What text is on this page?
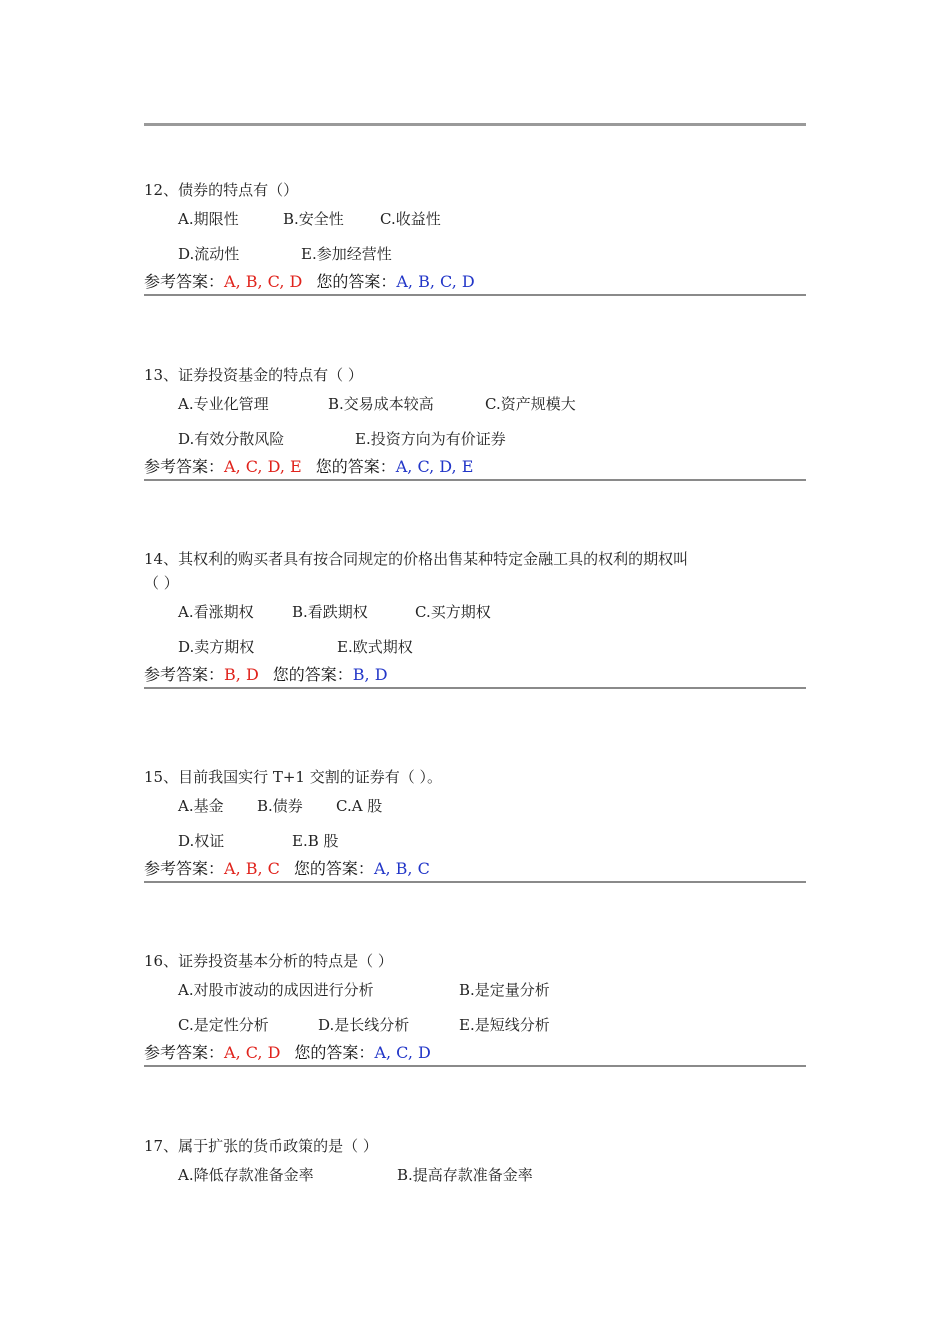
12、债券的特点有（）

A.期限性	B.安全性 C.收益性
D.流动性	E.参加经营性
参考答案：A, B, C, D 您的答案：A, B, C, D

13、证券投资基金的特点有（ ）

A.专业化管理	B.交易成本较高	C.资产规模大
D.有效分散风险	E.投资方向为有价证券
参考答案：A, C, D, E 您的答案：A, C, D, E

14、其权利的购买者具有按合同规定的价格出售某种特定金融工具的权利的期权叫

（ ）

A.看涨期权	B.看跌期权	C.买方期权
D.卖方期权	E.欧式期权
参考答案：B, D 您的答案：B, D

15、目前我国实行 T+1 交割的证券有（ ）。

A.基金 B.债券 C.A 股
D.权证	E.B 股
参考答案：A, B, C 您的答案：A, B, C

16、证券投资基本分析的特点是（ ）

A.对股市波动的成因进行分析	B.是定量分析
C.是定性分析	D.是长线分析	E.是短线分析
参考答案：A, C, D 您的答案：A, C, D

17、属于扩张的货币政策的是（ ）

A.降低存款准备金率	B.提高存款准备金率
